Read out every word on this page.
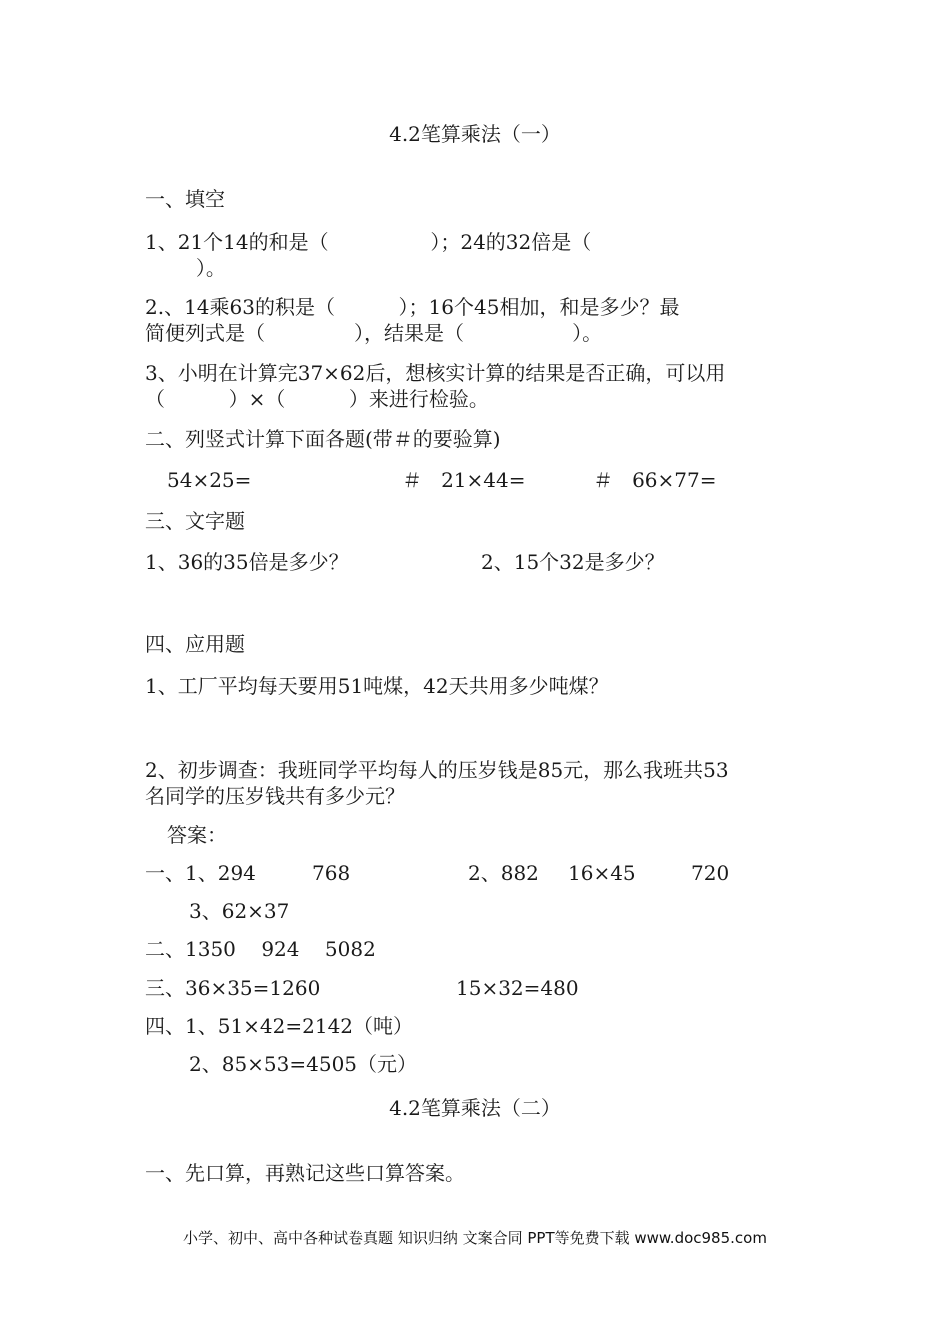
4.2笔算乘法（一）
一、填空
1、21个14的和是（                ）；24的32倍是（
）。
2.、14乘63的积是（          ）；16个45相加，和是多少？最
简便列式是（              ），结果是（                 ）。
3、小明在计算完37×62后，想核实计算的结果是否正确，可以用
（          ）×（          ）来进行检验。
二、列竖式计算下面各题(带＃的要验算)
54×25=	＃   21×44=	＃   66×77=
三、文字题
1、36的35倍是多少？	2、15个32是多少？
四、应用题
1、工厂平均每天要用51吨煤，42天共用多少吨煤？
2、初步调查：我班同学平均每人的压岁钱是85元，那么我班共53
名同学的压岁钱共有多少元？
答案：
一、1、294	768	2、882 16×45	720
3、62×37
二、1350    924    5082
三、36×35=1260	15×32=480
四、1、51×42=2142（吨）
2、85×53=4505（元）
4.2笔算乘法（二）
一、先口算，再熟记这些口算答案。
小学、初中、高中各种试卷真题 知识归纳 文案合同 PPT等免费下载 www.doc985.com
